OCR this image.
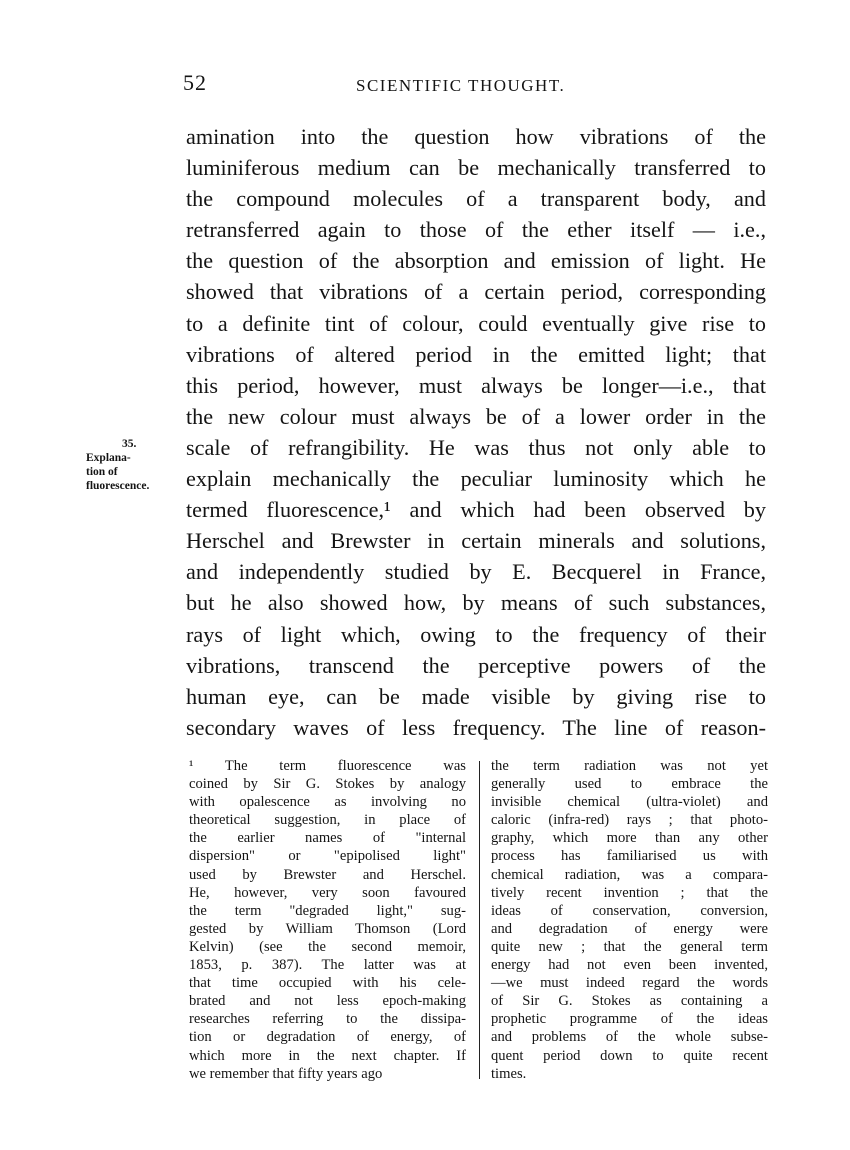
52	SCIENTIFIC THOUGHT.
35.
Explana-
tion of
fluorescence.
amination into the question how vibrations of the
luminiferous medium can be mechanically transferred to
the compound molecules of a transparent body, and
retransferred again to those of the ether itself — i.e.,
the question of the absorption and emission of light. He
showed that vibrations of a certain period, corresponding
to a definite tint of colour, could eventually give rise to
vibrations of altered period in the emitted light; that
this period, however, must always be longer—i.e., that
the new colour must always be of a lower order in the
scale of refrangibility. He was thus not only able to
explain mechanically the peculiar luminosity which he
termed fluorescence,¹ and which had been observed by
Herschel and Brewster in certain minerals and solutions,
and independently studied by E. Becquerel in France,
but he also showed how, by means of such substances,
rays of light which, owing to the frequency of their
vibrations, transcend the perceptive powers of the
human eye, can be made visible by giving rise to
secondary waves of less frequency. The line of reason-
¹ The term fluorescence was
coined by Sir G. Stokes by analogy
with opalescence as involving no
theoretical suggestion, in place of
the earlier names of "internal
dispersion" or "epipolised light"
used by Brewster and Herschel.
He, however, very soon favoured
the term "degraded light," sug-
gested by William Thomson (Lord
Kelvin) (see the second memoir,
1853, p. 387). The latter was at
that time occupied with his cele-
brated and not less epoch-making
researches referring to the dissipa-
tion or degradation of energy, of
which more in the next chapter. If
we remember that fifty years ago
the term radiation was not yet
generally used to embrace the
invisible chemical (ultra-violet) and
caloric (infra-red) rays ; that photo-
graphy, which more than any other
process has familiarised us with
chemical radiation, was a compara-
tively recent invention ; that the
ideas of conservation, conversion,
and degradation of energy were
quite new ; that the general term
energy had not even been invented,
—we must indeed regard the words
of Sir G. Stokes as containing a
prophetic programme of the ideas
and problems of the whole subse-
quent period down to quite recent
times.
